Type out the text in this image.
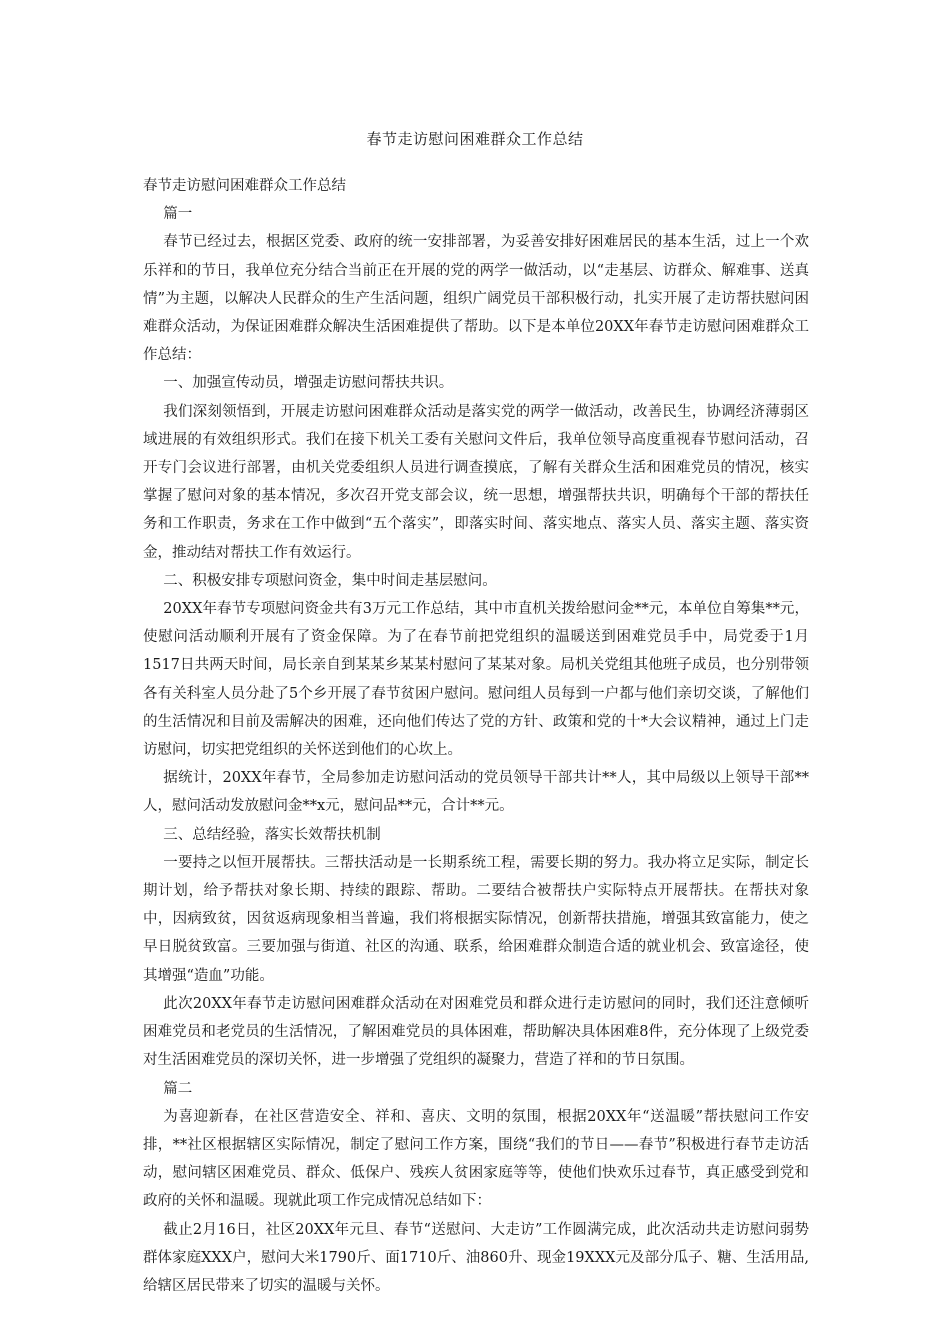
春节走访慰问困难群众工作总结

春节走访慰问困难群众工作总结

篇一

春节已经过去，根据区党委、政府的统一安排部署，为妥善安排好困难居民的基本生活，过上一个欢乐祥和的节日，我单位充分结合当前正在开展的党的两学一做活动，以“走基层、访群众、解难事、送真情”为主题，以解决人民群众的生产生活问题，组织广阔党员干部积极行动，扎实开展了走访帮扶慰问困难群众活动，为保证困难群众解决生活困难提供了帮助。以下是本单位20XX年春节走访慰问困难群众工作总结：

一、加强宣传动员，增强走访慰问帮扶共识。

我们深刻领悟到，开展走访慰问困难群众活动是落实党的两学一做活动，改善民生，协调经济薄弱区域进展的有效组织形式。我们在接下机关工委有关慰问文件后，我单位领导高度重视春节慰问活动，召开专门会议进行部署，由机关党委组织人员进行调查摸底，了解有关群众生活和困难党员的情况，核实掌握了慰问对象的基本情况，多次召开党支部会议，统一思想，增强帮扶共识，明确每个干部的帮扶任务和工作职责，务求在工作中做到“五个落实”，即落实时间、落实地点、落实人员、落实主题、落实资金，推动结对帮扶工作有效运行。

二、积极安排专项慰问资金，集中时间走基层慰问。

20XX年春节专项慰问资金共有3万元工作总结，其中市直机关拨给慰问金**元，本单位自筹集**元，使慰问活动顺利开展有了资金保障。为了在春节前把党组织的温暖送到困难党员手中，局党委于1月1517日共两天时间，局长亲自到某某乡某某村慰问了某某对象。局机关党组其他班子成员，也分别带领各有关科室人员分赴了5个乡开展了春节贫困户慰问。慰问组人员每到一户都与他们亲切交谈，了解他们的生活情况和目前及需解决的困难，还向他们传达了党的方针、政策和党的十*大会议精神，通过上门走访慰问，切实把党组织的关怀送到他们的心坎上。

据统计，20XX年春节，全局参加走访慰问活动的党员领导干部共计**人，其中局级以上领导干部**人，慰问活动发放慰问金**x元，慰问品**元，合计**元。

三、总结经验，落实长效帮扶机制

一要持之以恒开展帮扶。三帮扶活动是一长期系统工程，需要长期的努力。我办将立足实际，制定长期计划，给予帮扶对象长期、持续的跟踪、帮助。二要结合被帮扶户实际特点开展帮扶。在帮扶对象中，因病致贫，因贫返病现象相当普遍，我们将根据实际情况，创新帮扶措施，增强其致富能力，使之早日脱贫致富。三要加强与街道、社区的沟通、联系，给困难群众制造合适的就业机会、致富途径，使其增强“造血”功能。

此次20XX年春节走访慰问困难群众活动在对困难党员和群众进行走访慰问的同时，我们还注意倾听困难党员和老党员的生活情况，了解困难党员的具体困难，帮助解决具体困难8件，充分体现了上级党委对生活困难党员的深切关怀，进一步增强了党组织的凝聚力，营造了祥和的节日氛围。

篇二

为喜迎新春，在社区营造安全、祥和、喜庆、文明的氛围，根据20XX年“送温暖”帮扶慰问工作安排，**社区根据辖区实际情况，制定了慰问工作方案，围绕“我们的节日——春节”积极进行春节走访活动，慰问辖区困难党员、群众、低保户、残疾人贫困家庭等等，使他们快欢乐过春节，真正感受到党和政府的关怀和温暖。现就此项工作完成情况总结如下：

截止2月16日，社区20XX年元旦、春节“送慰问、大走访”工作圆满完成，此次活动共走访慰问弱势群体家庭XXX户，慰问大米1790斤、面1710斤、油860升、现金19XXX元及部分瓜子、糖、生活用品,给辖区居民带来了切实的温暖与关怀。
